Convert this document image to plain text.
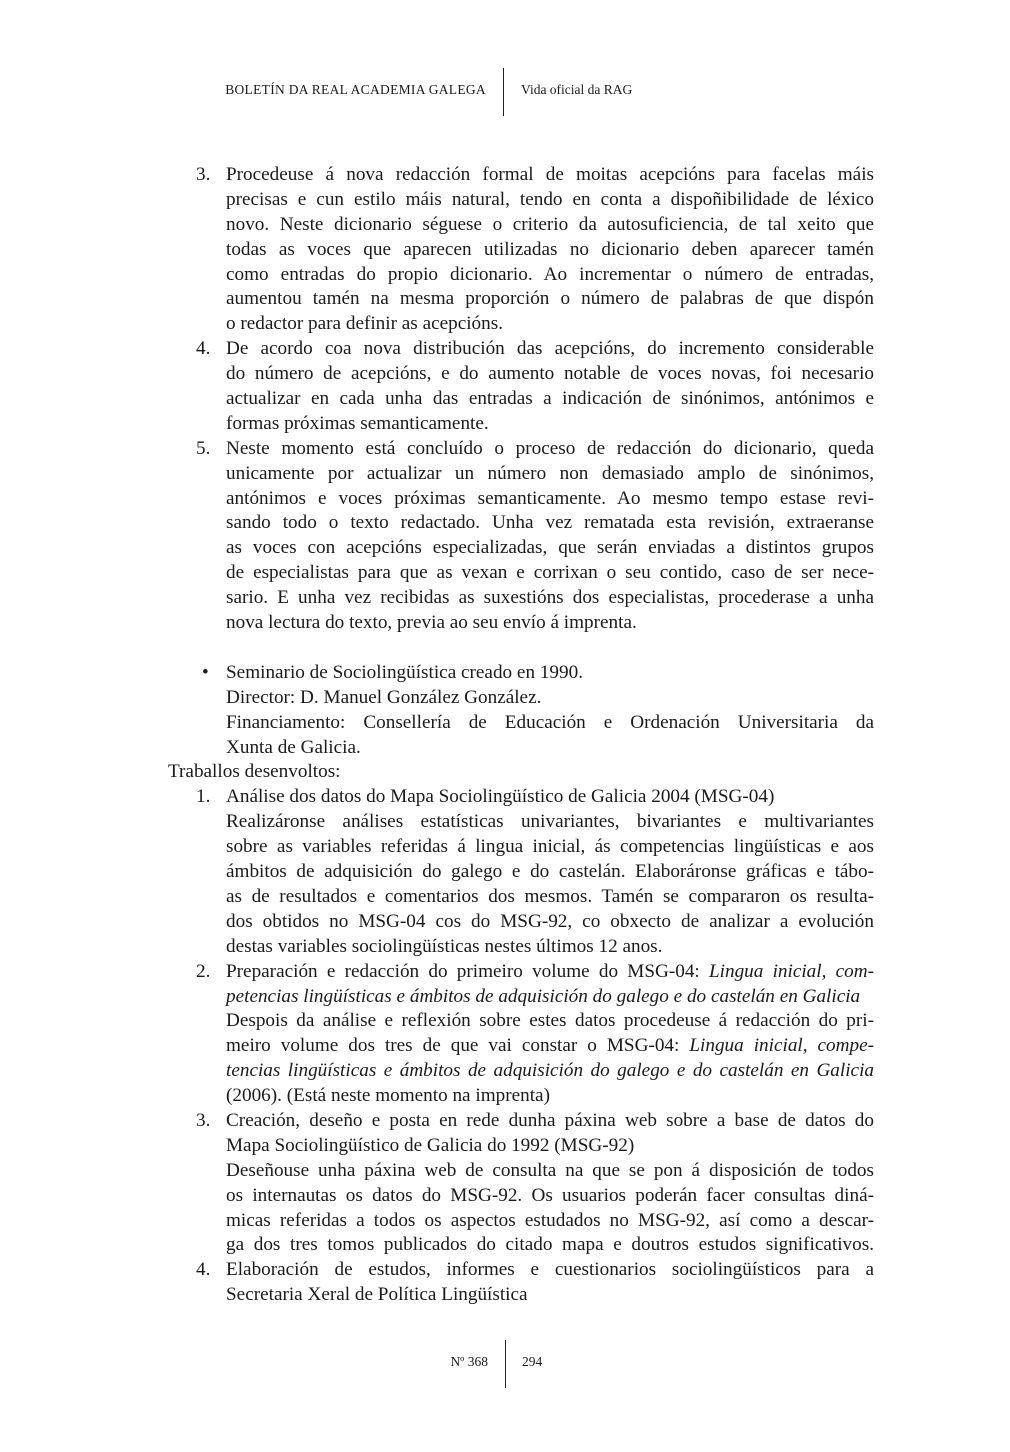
BOLETÍN DA REAL ACADEMIA GALEGA	Vida oficial da RAG
3. Procedeuse á nova redacción formal de moitas acepcións para facelas máis
precisas e cun estilo máis natural, tendo en conta a dispoñibilidade de léxico
novo. Neste dicionario séguese o criterio da autosuficiencia, de tal xeito que
todas as voces que aparecen utilizadas no dicionario deben aparecer tamén
como entradas do propio dicionario. Ao incrementar o número de entradas,
aumentou tamén na mesma proporción o número de palabras de que dispón
o redactor para definir as acepcións.
4. De acordo coa nova distribución das acepcións, do incremento considerable
do número de acepcións, e do aumento notable de voces novas, foi necesario
actualizar en cada unha das entradas a indicación de sinónimos, antónimos e
formas próximas semanticamente.
5. Neste momento está concluído o proceso de redacción do dicionario, queda
unicamente por actualizar un número non demasiado amplo de sinónimos,
antónimos e voces próximas semanticamente. Ao mesmo tempo estase revi-
sando todo o texto redactado. Unha vez rematada esta revisión, extraeranse
as voces con acepcións especializadas, que serán enviadas a distintos grupos
de especialistas para que as vexan e corrixan o seu contido, caso de ser nece-
sario. E unha vez recibidas as suxestións dos especialistas, procederase a unha
nova lectura do texto, previa ao seu envío á imprenta.
• Seminario de Sociolingüística creado en 1990.
Director: D. Manuel González González.
Financiamento: Consellería de Educación e Ordenación Universitaria da
Xunta de Galicia.
Traballos desenvoltos:
1. Análise dos datos do Mapa Sociolingüístico de Galicia 2004 (MSG-04)
Realizáronse análises estatísticas univariantes, bivariantes e multivariantes
sobre as variables referidas á lingua inicial, ás competencias lingüísticas e aos
ámbitos de adquisición do galego e do castelán. Elaboráronse gráficas e tábo-
as de resultados e comentarios dos mesmos. Tamén se compararon os resulta-
dos obtidos no MSG-04 cos do MSG-92, co obxecto de analizar a evolución
destas variables sociolingüísticas nestes últimos 12 anos.
2. Preparación e redacción do primeiro volume do MSG-04: Lingua inicial, com-
petencias lingüísticas e ámbitos de adquisición do galego e do castelán en Galicia
Despois da análise e reflexión sobre estes datos procedeuse á redacción do pri-
meiro volume dos tres de que vai constar o MSG-04: Lingua inicial, compe-
tencias lingüísticas e ámbitos de adquisición do galego e do castelán en Galicia
(2006). (Está neste momento na imprenta)
3. Creación, deseño e posta en rede dunha páxina web sobre a base de datos do
Mapa Sociolingüístico de Galicia do 1992 (MSG-92)
Deseñouse unha páxina web de consulta na que se pon á disposición de todos
os internautas os datos do MSG-92. Os usuarios poderán facer consultas diná-
micas referidas a todos os aspectos estudados no MSG-92, así como a descar-
ga dos tres tomos publicados do citado mapa e doutros estudos significativos.
4. Elaboración de estudos, informes e cuestionarios sociolingüísticos para a
Secretaria Xeral de Política Lingüística
Nº 368	294
